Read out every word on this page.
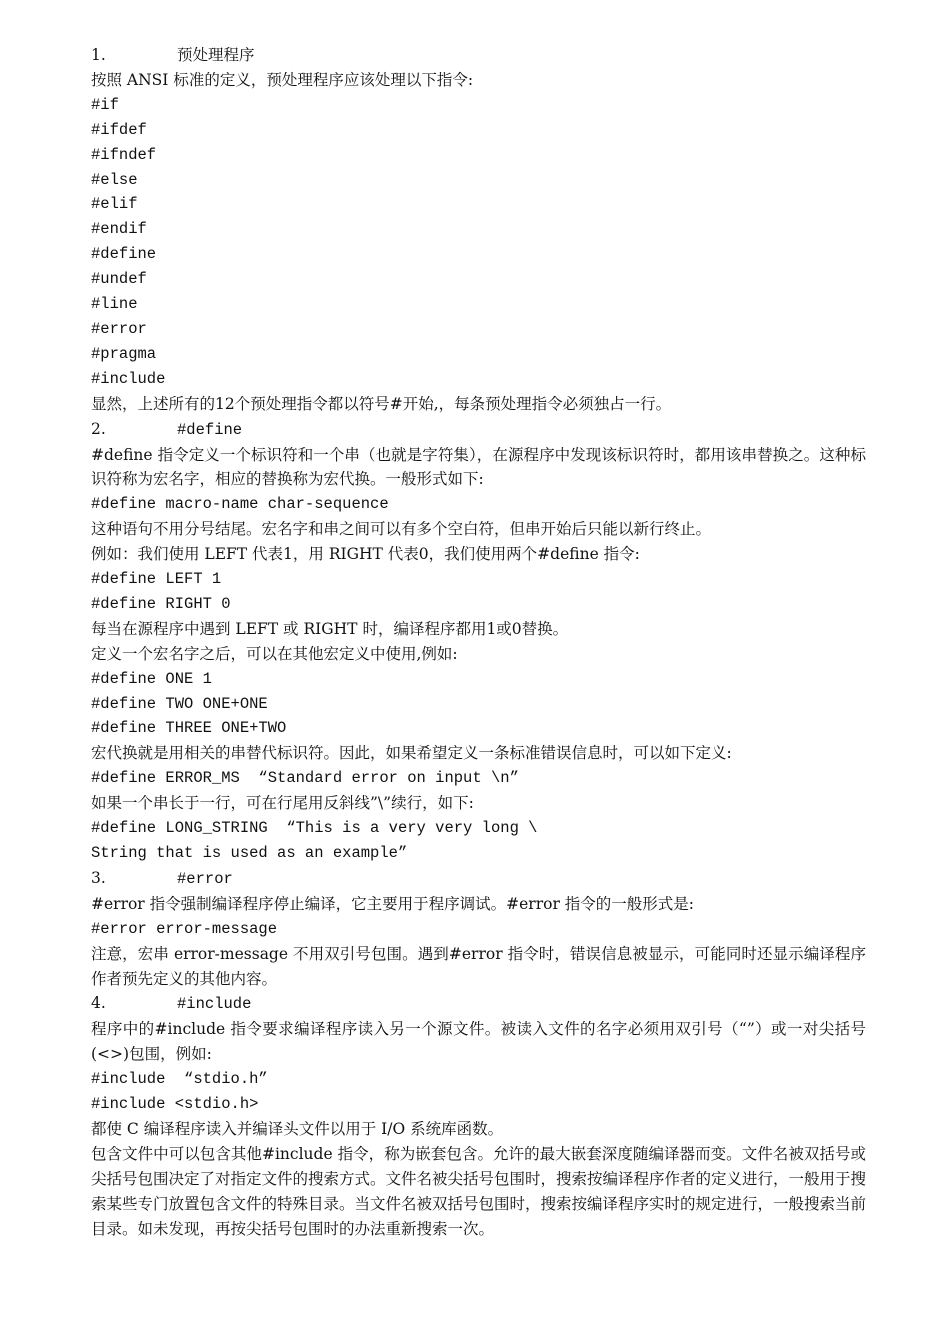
1.	预处理程序
按照 ANSI 标准的定义，预处理程序应该处理以下指令:
#if
#ifdef
#ifndef
#else
#elif
#endif
#define
#undef
#line
#error
#pragma
#include
显然，上述所有的12个预处理指令都以符号#开始,，每条预处理指令必须独占一行。
2.	#define
#define 指令定义一个标识符和一个串（也就是字符集），在源程序中发现该标识符时，都用该串替换之。这种标识符称为宏名字，相应的替换称为宏代换。一般形式如下:
#define macro-name char-sequence
这种语句不用分号结尾。宏名字和串之间可以有多个空白符，但串开始后只能以新行终止。
例如：我们使用 LEFT 代表1，用 RIGHT 代表0，我们使用两个#define 指令:
#define LEFT 1
#define RIGHT 0
每当在源程序中遇到 LEFT 或 RIGHT 时，编译程序都用1或0替换。
定义一个宏名字之后，可以在其他宏定义中使用,例如:
#define ONE 1
#define TWO ONE+ONE
#define THREE ONE+TWO
宏代换就是用相关的串替代标识符。因此，如果希望定义一条标准错误信息时，可以如下定义:
#define ERROR_MS  “Standard error on input \n”
如果一个串长于一行，可在行尾用反斜线”\”续行，如下:
#define LONG_STRING  “This is a very very long \
String that is used as an example”
3.	#error
#error 指令强制编译程序停止编译，它主要用于程序调试。#error 指令的一般形式是:
#error error-message
注意，宏串 error-message 不用双引号包围。遇到#error 指令时，错误信息被显示，可能同时还显示编译程序作者预先定义的其他内容。
4.	#include
程序中的#include 指令要求编译程序读入另一个源文件。被读入文件的名字必须用双引号（“”）或一对尖括号(<>)包围，例如:
#include  “stdio.h”
#include <stdio.h>
都使 C 编译程序读入并编译头文件以用于 I/O 系统库函数。
包含文件中可以包含其他#include 指令，称为嵌套包含。允许的最大嵌套深度随编译器而变。文件名被双括号或尖括号包围决定了对指定文件的搜索方式。文件名被尖括号包围时，搜索按编译程序作者的定义进行，一般用于搜索某些专门放置包含文件的特殊目录。当文件名被双括号包围时，搜索按编译程序实时的规定进行，一般搜索当前目录。如未发现，再按尖括号包围时的办法重新搜索一次。
